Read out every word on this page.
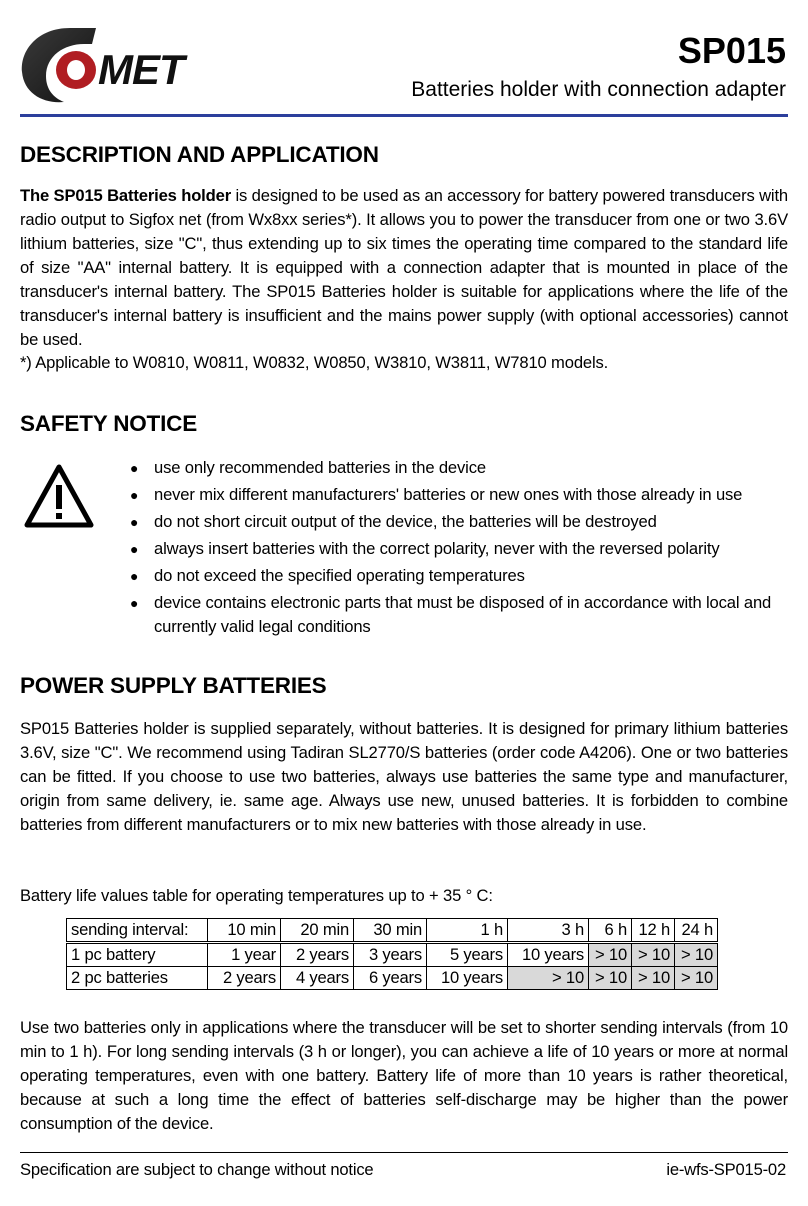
MET	SP015
Batteries holder with connection adapter
DESCRIPTION AND APPLICATION
The SP015 Batteries holder is designed to be used as an accessory for battery powered transducers with radio output to Sigfox net (from Wx8xx series*). It allows you to power the transducer from one or two 3.6V lithium batteries, size "C", thus extending up to six times the operating time compared to the standard life of size "AA" internal battery. It is equipped with a connection adapter that is mounted in place of the transducer's internal battery. The SP015 Batteries holder is suitable for applications where the life of the transducer's internal battery is insufficient and the mains power supply (with optional accessories) cannot be used.
*) Applicable to W0810, W0811, W0832, W0850, W3810, W3811, W7810 models.
SAFETY NOTICE
● use only recommended batteries in the device
● never mix different manufacturers' batteries or new ones with those already in use
● do not short circuit output of the device, the batteries will be destroyed
● always insert batteries with the correct polarity, never with the reversed polarity
● do not exceed the specified operating temperatures
● device contains electronic parts that must be disposed of in accordance with local and currently valid legal conditions
POWER SUPPLY BATTERIES
SP015 Batteries holder is supplied separately, without batteries. It is designed for primary lithium batteries 3.6V, size "C". We recommend using Tadiran SL2770/S batteries (order code A4206). One or two batteries can be fitted. If you choose to use two batteries, always use batteries the same type and manufacturer, origin from same delivery, ie. same age. Always use new, unused batteries. It is forbidden to combine batteries from different manufacturers or to mix new batteries with those already in use.
Battery life values table for operating temperatures up to + 35 ° C:
sending interval:	10 min	20 min	30 min	1 h	3 h	6 h	12 h	24 h
1 pc battery	1 year	2 years	3 years	5 years	10 years	> 10	> 10	> 10
2 pc batteries	2 years	4 years	6 years	10 years	> 10	> 10	> 10	> 10
Use two batteries only in applications where the transducer will be set to shorter sending intervals (from 10 min to 1 h). For long sending intervals (3 h or longer), you can achieve a life of 10 years or more at normal operating temperatures, even with one battery. Battery life of more than 10 years is rather theoretical, because at such a long time the effect of batteries self-discharge may be higher than the power consumption of the device.
Specification are subject to change without notice	ie-wfs-SP015-02
